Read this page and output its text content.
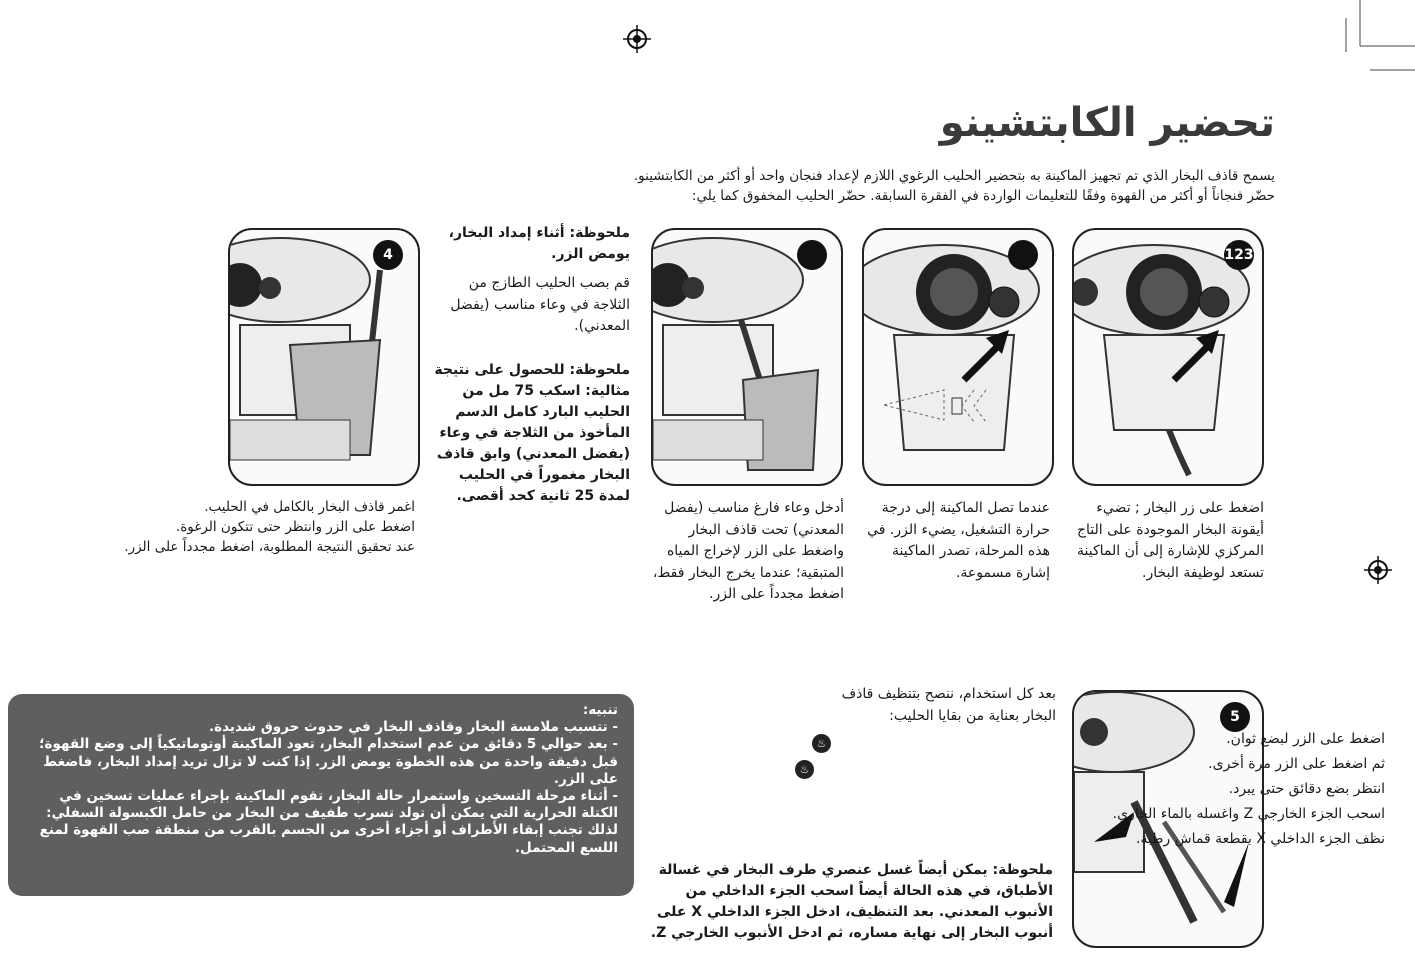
تحضير الكابتشينو
يسمح قاذف البخار الذي تم تجهيز الماكينة به بتحضير الحليب الرغوي اللازم لإعداد فنجان واحد أو أكثر من الكابتشينو.
حضّر فنجاناً أو أكثر من القهوة وفقًا للتعليمات الواردة في الفقرة السابقة. حضّر الحليب المخفوق كما يلي:
123
4
اضغط على زر البخار ; تضيء أيقونة البخار الموجودة على التاج المركزي للإشارة إلى أن الماكينة تستعد لوظيفة البخار.
عندما تصل الماكينة إلى درجة حرارة التشغيل، يضيء الزر. في هذه المرحلة، تصدر الماكينة إشارة مسموعة.
أدخل وعاء فارغ مناسب (يفضل المعدني) تحت قاذف البخار واضغط على الزر لإخراج المياه المتبقية؛ عندما يخرج البخار فقط، اضغط مجدداً على الزر.
ملحوظة: أثناء إمداد البخار، يومض الزر.
قم بصب الحليب الطازج من الثلاجة في وعاء مناسب (يفضل المعدني).
ملحوظة: للحصول على نتيجة مثالية: اسكب 75 مل من الحليب البارد كامل الدسم المأخوذ من الثلاجة في وعاء (يفضل المعدني) وابق قاذف البخار مغموراً في الحليب لمدة 25 ثانية كحد أقصى.
اغمر قاذف البخار بالكامل في الحليب.
اضغط على الزر وانتظر حتى تتكون الرغوة.
عند تحقيق النتيجة المطلوبة، اضغط مجدداً على الزر.
5
بعد كل استخدام، ننصح بتنظيف قاذف البخار بعناية من بقايا الحليب:
اضغط على الزر لبضع ثوان.
ثم اضغط على الزر مرة أخرى.
انتظر بضع دقائق حتى يبرد.
اسحب الجزء الخارجي Z واغسله بالماء الجاري.
نظف الجزء الداخلي X بقطعة قماش رطبة.
♨
♨
ملحوظة: يمكن أيضاً غسل عنصري طرف البخار في غسالة الأطباق، في هذه الحالة أيضاً اسحب الجزء الداخلي من الأنبوب المعدني. بعد التنظيف، ادخل الجزء الداخلي X على أنبوب البخار إلى نهاية مساره، ثم ادخل الأنبوب الخارجي Z.
تنبيه:
- تتسبب ملامسة البخار وقاذف البخار في حدوث حروق شديدة.
- بعد حوالي 5 دقائق من عدم استخدام البخار، تعود الماكينة أوتوماتيكياً إلى وضع القهوة؛ قبل دقيقة واحدة من هذه الخطوة يومض الزر. إذا كنت لا تزال تريد إمداد البخار، فاضغط على الزر.
- أثناء مرحلة التسخين واستمرار حالة البخار، تقوم الماكينة بإجراء عمليات تسخين في الكتلة الحرارية التي يمكن أن تولد تسرب طفيف من البخار من حامل الكبسولة السفلي: لذلك تجنب إبقاء الأطراف أو أجزاء أخرى من الجسم بالقرب من منطقة صب القهوة لمنع اللسع المحتمل.
